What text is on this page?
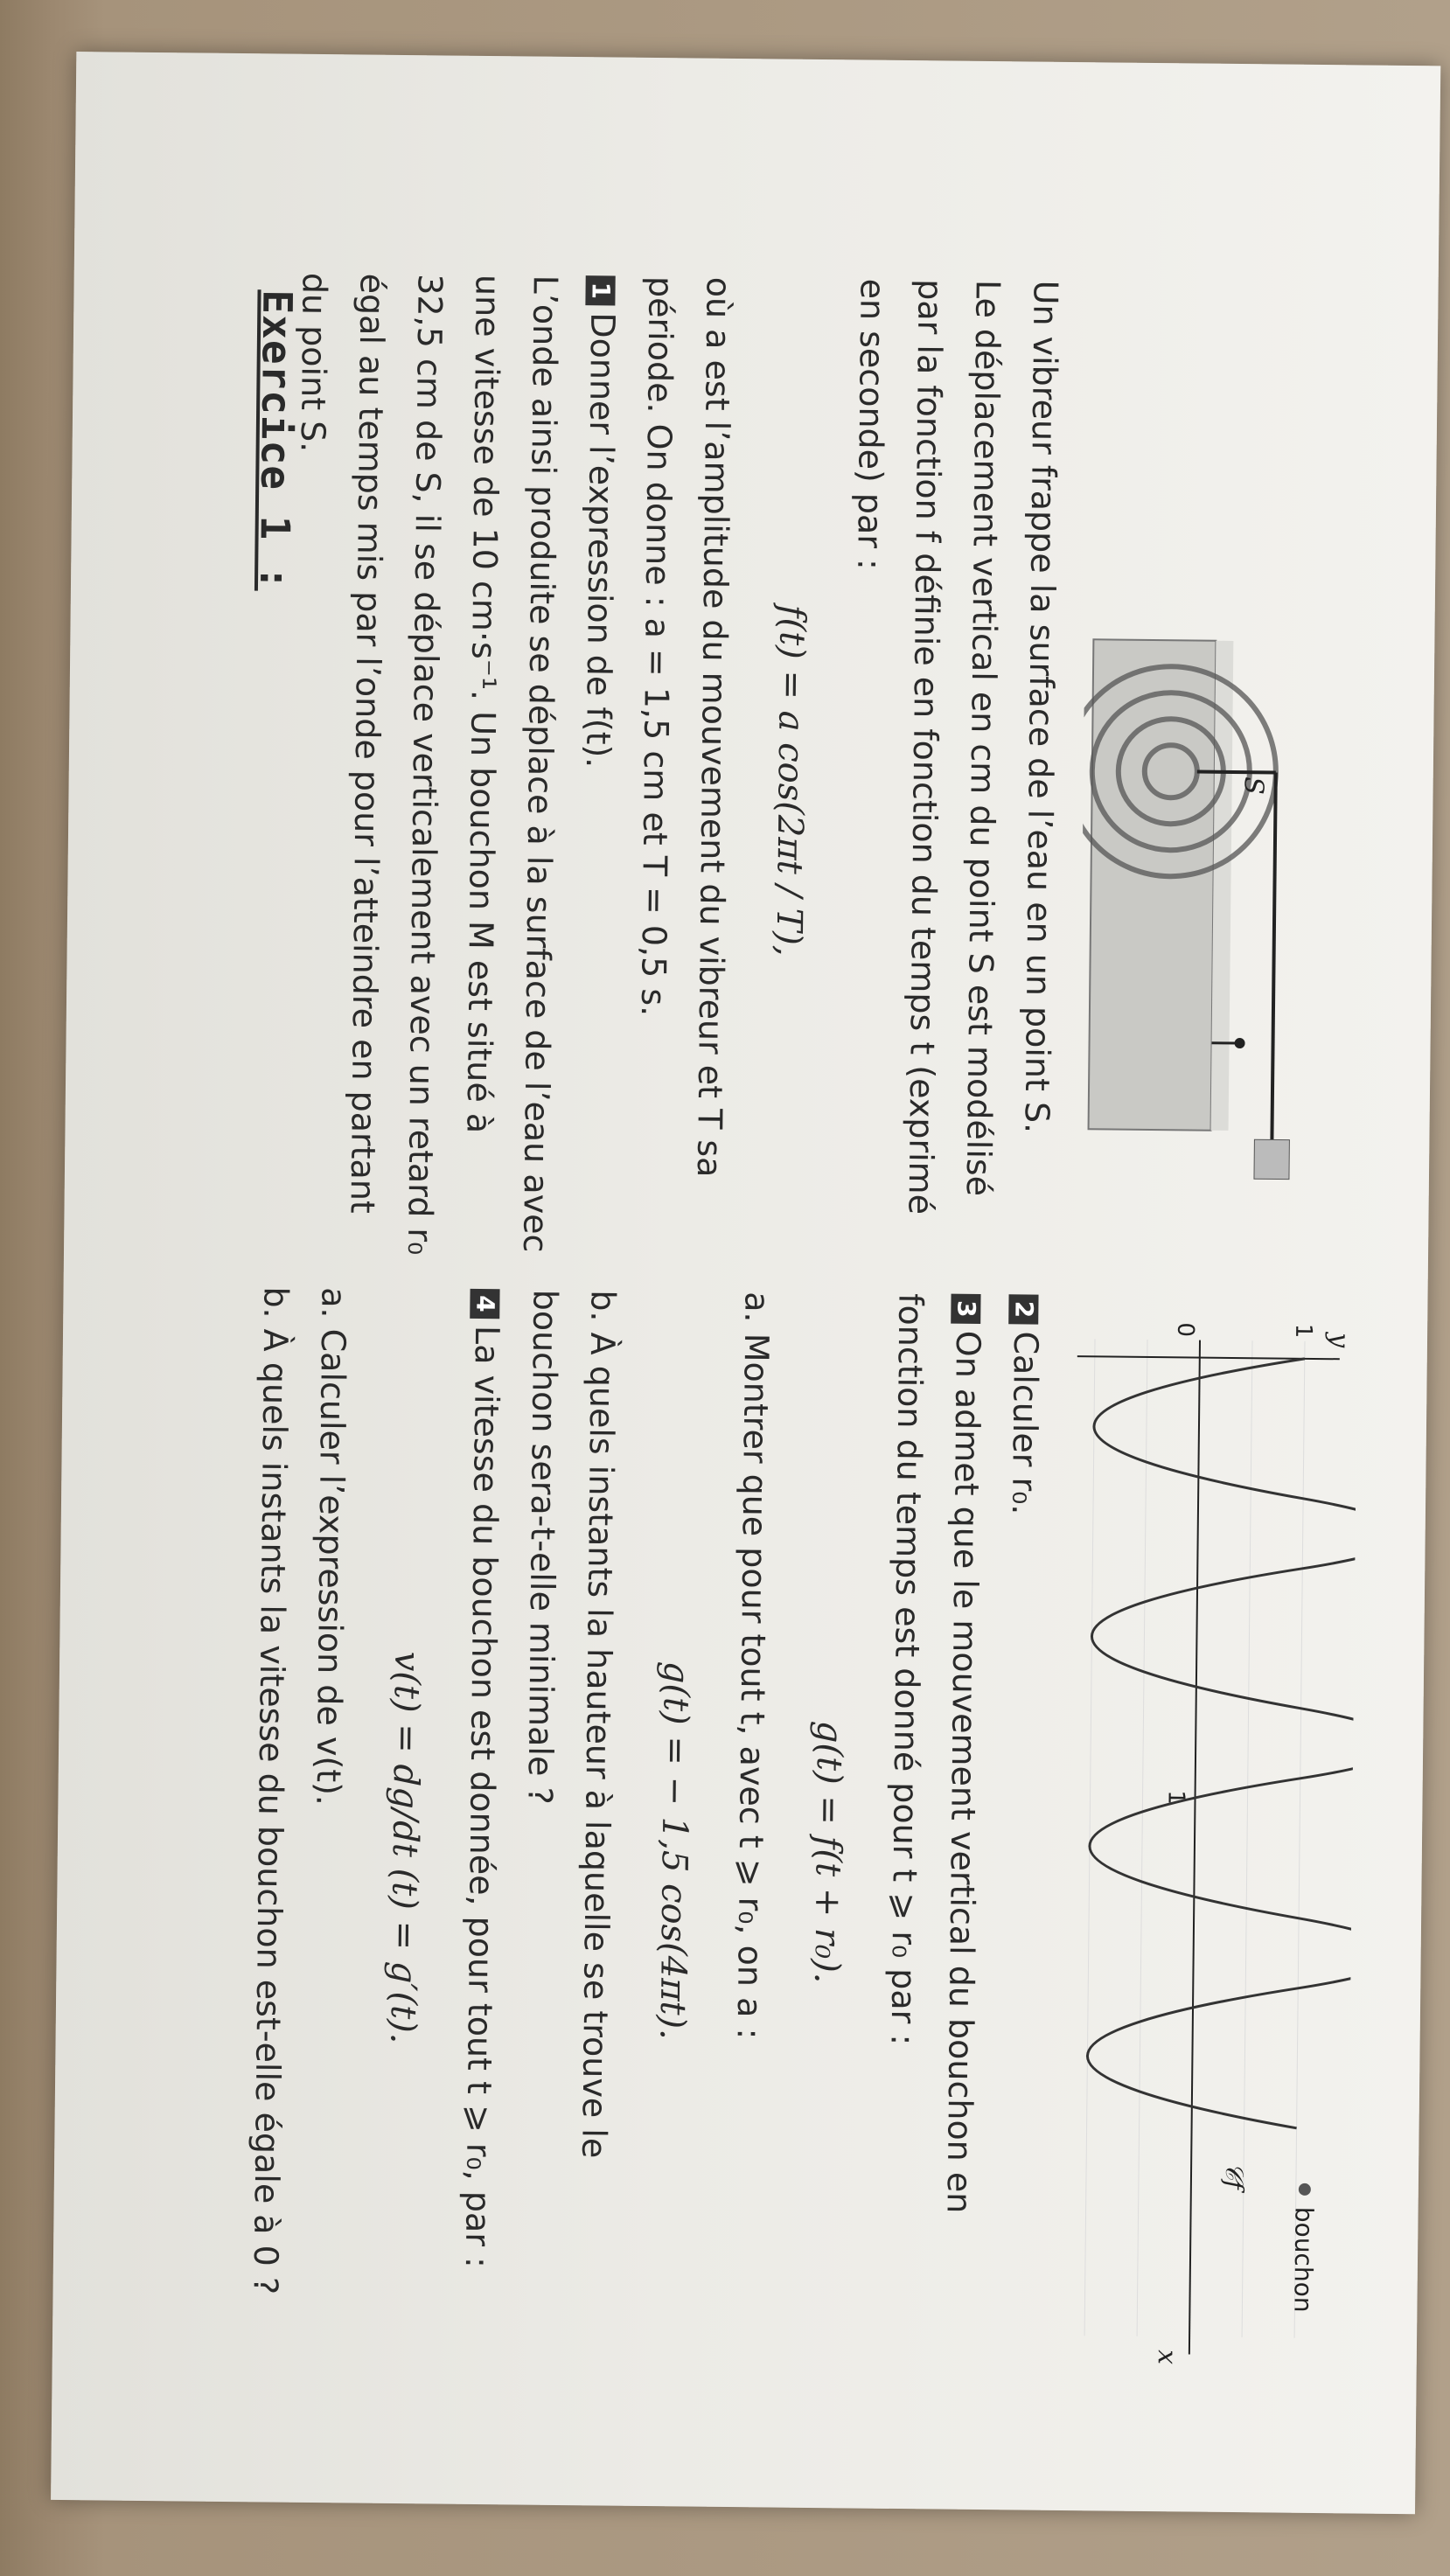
Exercice 1 :
S
y
x
1
0
1
bouchon
𝒞f
Un vibreur frappe la surface de l’eau en un point S.
Le déplacement vertical en cm du point S est modélisé
par la fonction f définie en fonction du temps t (exprimé
en seconde) par :
f(t) = a cos(2πt / T),
où a est l’amplitude du mouvement du vibreur et T sa
période. On donne : a = 1,5 cm et T = 0,5 s.
1Donner l’expression de f(t).
L’onde ainsi produite se déplace à la surface de l’eau avec
une vitesse de 10 cm·s⁻¹. Un bouchon M est situé à
32,5 cm de S, il se déplace verticalement avec un retard r₀
égal au temps mis par l’onde pour l’atteindre en partant
du point S.
2Calculer r₀.
3On admet que le mouvement vertical du bouchon en
fonction du temps est donné pour t ⩾ r₀ par :
g(t) = f(t + r₀).
a. Montrer que pour tout t, avec t ⩾ r₀, on a :
g(t) = − 1,5 cos(4πt).
b. À quels instants la hauteur à laquelle se trouve le
bouchon sera-t-elle minimale ?
4La vitesse du bouchon est donnée, pour tout t ⩾ r₀, par :
v(t) = dg/dt (t) = g′(t).
a. Calculer l’expression de v(t).
b. À quels instants la vitesse du bouchon est-elle égale à 0 ?
